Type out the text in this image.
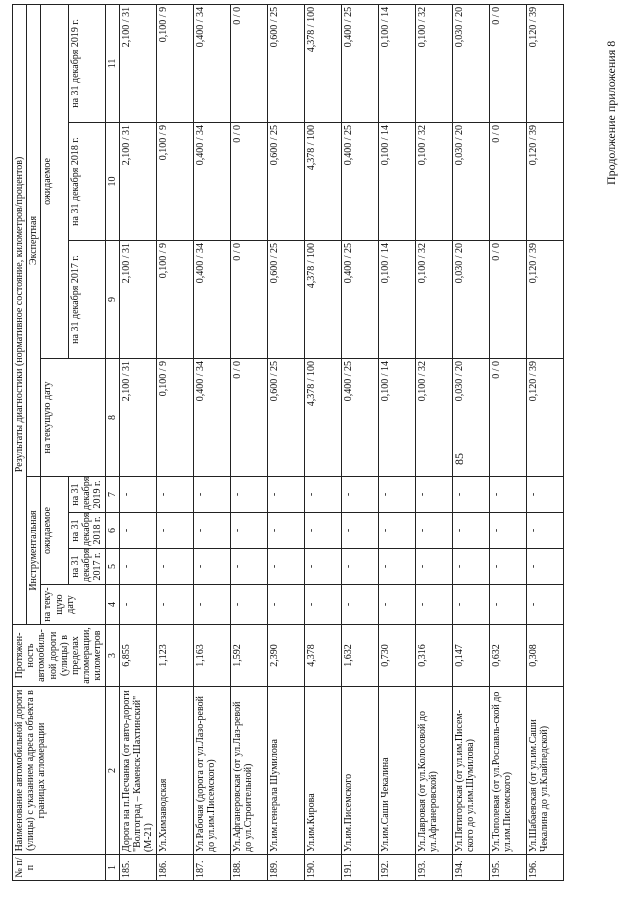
85
Продолжение приложения 8
№ п/п	Наименование автомобильной дороги (улицы) с указанием адреса объекта в границах агломерации	Протяжен-ность автомобиль-ной дороги (улицы) в пределах агломерации, километров	Результаты диагностики (нормативное состояние, километров/процентов)							
			Инструментальная				Экспертная			
			на теку-щую дату	ожидаемое			на текущую дату	ожидаемое		
				на 31 декабря 2017 г.	на 31 декабря 2018 г.	на 31 декабря 2019 г.		на 31 декабря 2017 г.	на 31 декабря 2018 г.	на 31 декабря 2019 г.
1	2	3	4	5	6	7	8	9	10	11
185.	Дорога на п.Песчанка (от авто-дороги "Волгоград – Каменск-Шахтинский"(М-21)	6,855	-	-	-	-	2,100 / 31	2,100 / 31	2,100 / 31	2,100 / 31
186.	Ул.Химзаводская	1,123	-	-	-	-	0,100 / 9	0,100 / 9	0,100 / 9	0,100 / 9
187.	Ул.Рабочая (дорога от ул.Лазо-ревой до ул.им.Писемского)	1,163	-	-	-	-	0,400 / 34	0,400 / 34	0,400 / 34	0,400 / 34
188.	Ул.Афганеровская (от ул.Лаз-ревой до ул.Строительной)	1,592	-	-	-	-	0 / 0	0 / 0	0 / 0	0 / 0
189.	Ул.им.генерала Шумилова	2,390	-	-	-	-	0,600 / 25	0,600 / 25	0,600 / 25	0,600 / 25
190.	Ул.им.Кирова	4,378	-	-	-	-	4,378 / 100	4,378 / 100	4,378 / 100	4,378 / 100
191.	Ул.им.Писемского	1,632	-	-	-	-	0,400 / 25	0,400 / 25	0,400 / 25	0,400 / 25
192.	Ул.им.Саши Чекалина	0,730	-	-	-	-	0,100 / 14	0,100 / 14	0,100 / 14	0,100 / 14
193.	Ул.Лавровая (от ул.Колосовой до ул.Афганеровской)	0,316	-	-	-	-	0,100 / 32	0,100 / 32	0,100 / 32	0,100 / 32
194.	Ул.Пятигорская (от ул.им.Писем-ского до ул.им.Шумилова)	0,147	-	-	-	-	0,030 / 20	0,030 / 20	0,030 / 20	0,030 / 20
195.	Ул.Тополевая (от ул.Рославль-ской до ул.им.Писемского)	0,632	-	-	-	-	0 / 0	0 / 0	0 / 0	0 / 0
196.	Ул.Шабаевская (от ул.им.Саши Чекалина до ул.Клайпедской)	0,308	-	-	-	-	0,120 / 39	0,120 / 39	0,120 / 39	0,120 / 39
